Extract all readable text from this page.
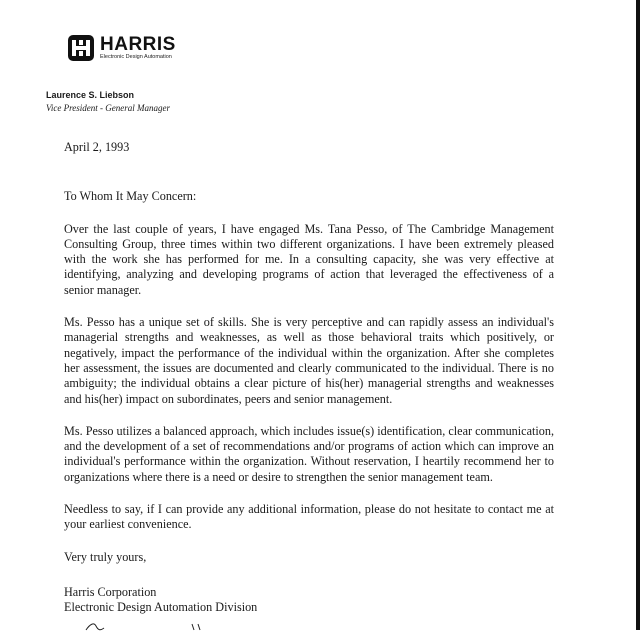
HARRIS
Electronic Design Automation
Laurence S. Liebson
Vice President - General Manager

April 2, 1993

To Whom It May Concern:

Over the last couple of years, I have engaged Ms. Tana Pesso, of The Cambridge Management Consulting Group, three times within two different organizations. I have been extremely pleased with the work she has performed for me. In a consulting capacity, she was very effective at identifying, analyzing and developing programs of action that leveraged the effectiveness of a senior manager.

Ms. Pesso has a unique set of skills. She is very perceptive and can rapidly assess an individual's managerial strengths and weaknesses, as well as those behavioral traits which positively, or negatively, impact the performance of the individual within the organization. After she completes her assessment, the issues are documented and clearly communicated to the individual. There is no ambiguity; the individual obtains a clear picture of his(her) managerial strengths and weaknesses and his(her) impact on subordinates, peers and senior management.

Ms. Pesso utilizes a balanced approach, which includes issue(s) identification, clear communication, and the development of a set of recommendations and/or programs of action which can improve an individual's performance within the organization. Without reservation, I heartily recommend her to organizations where there is a need or desire to strengthen the senior management team.

Needless to say, if I can provide any additional information, please do not hesitate to contact me at your earliest convenience.

Very truly yours,

Harris Corporation

Electronic Design Automation Division
